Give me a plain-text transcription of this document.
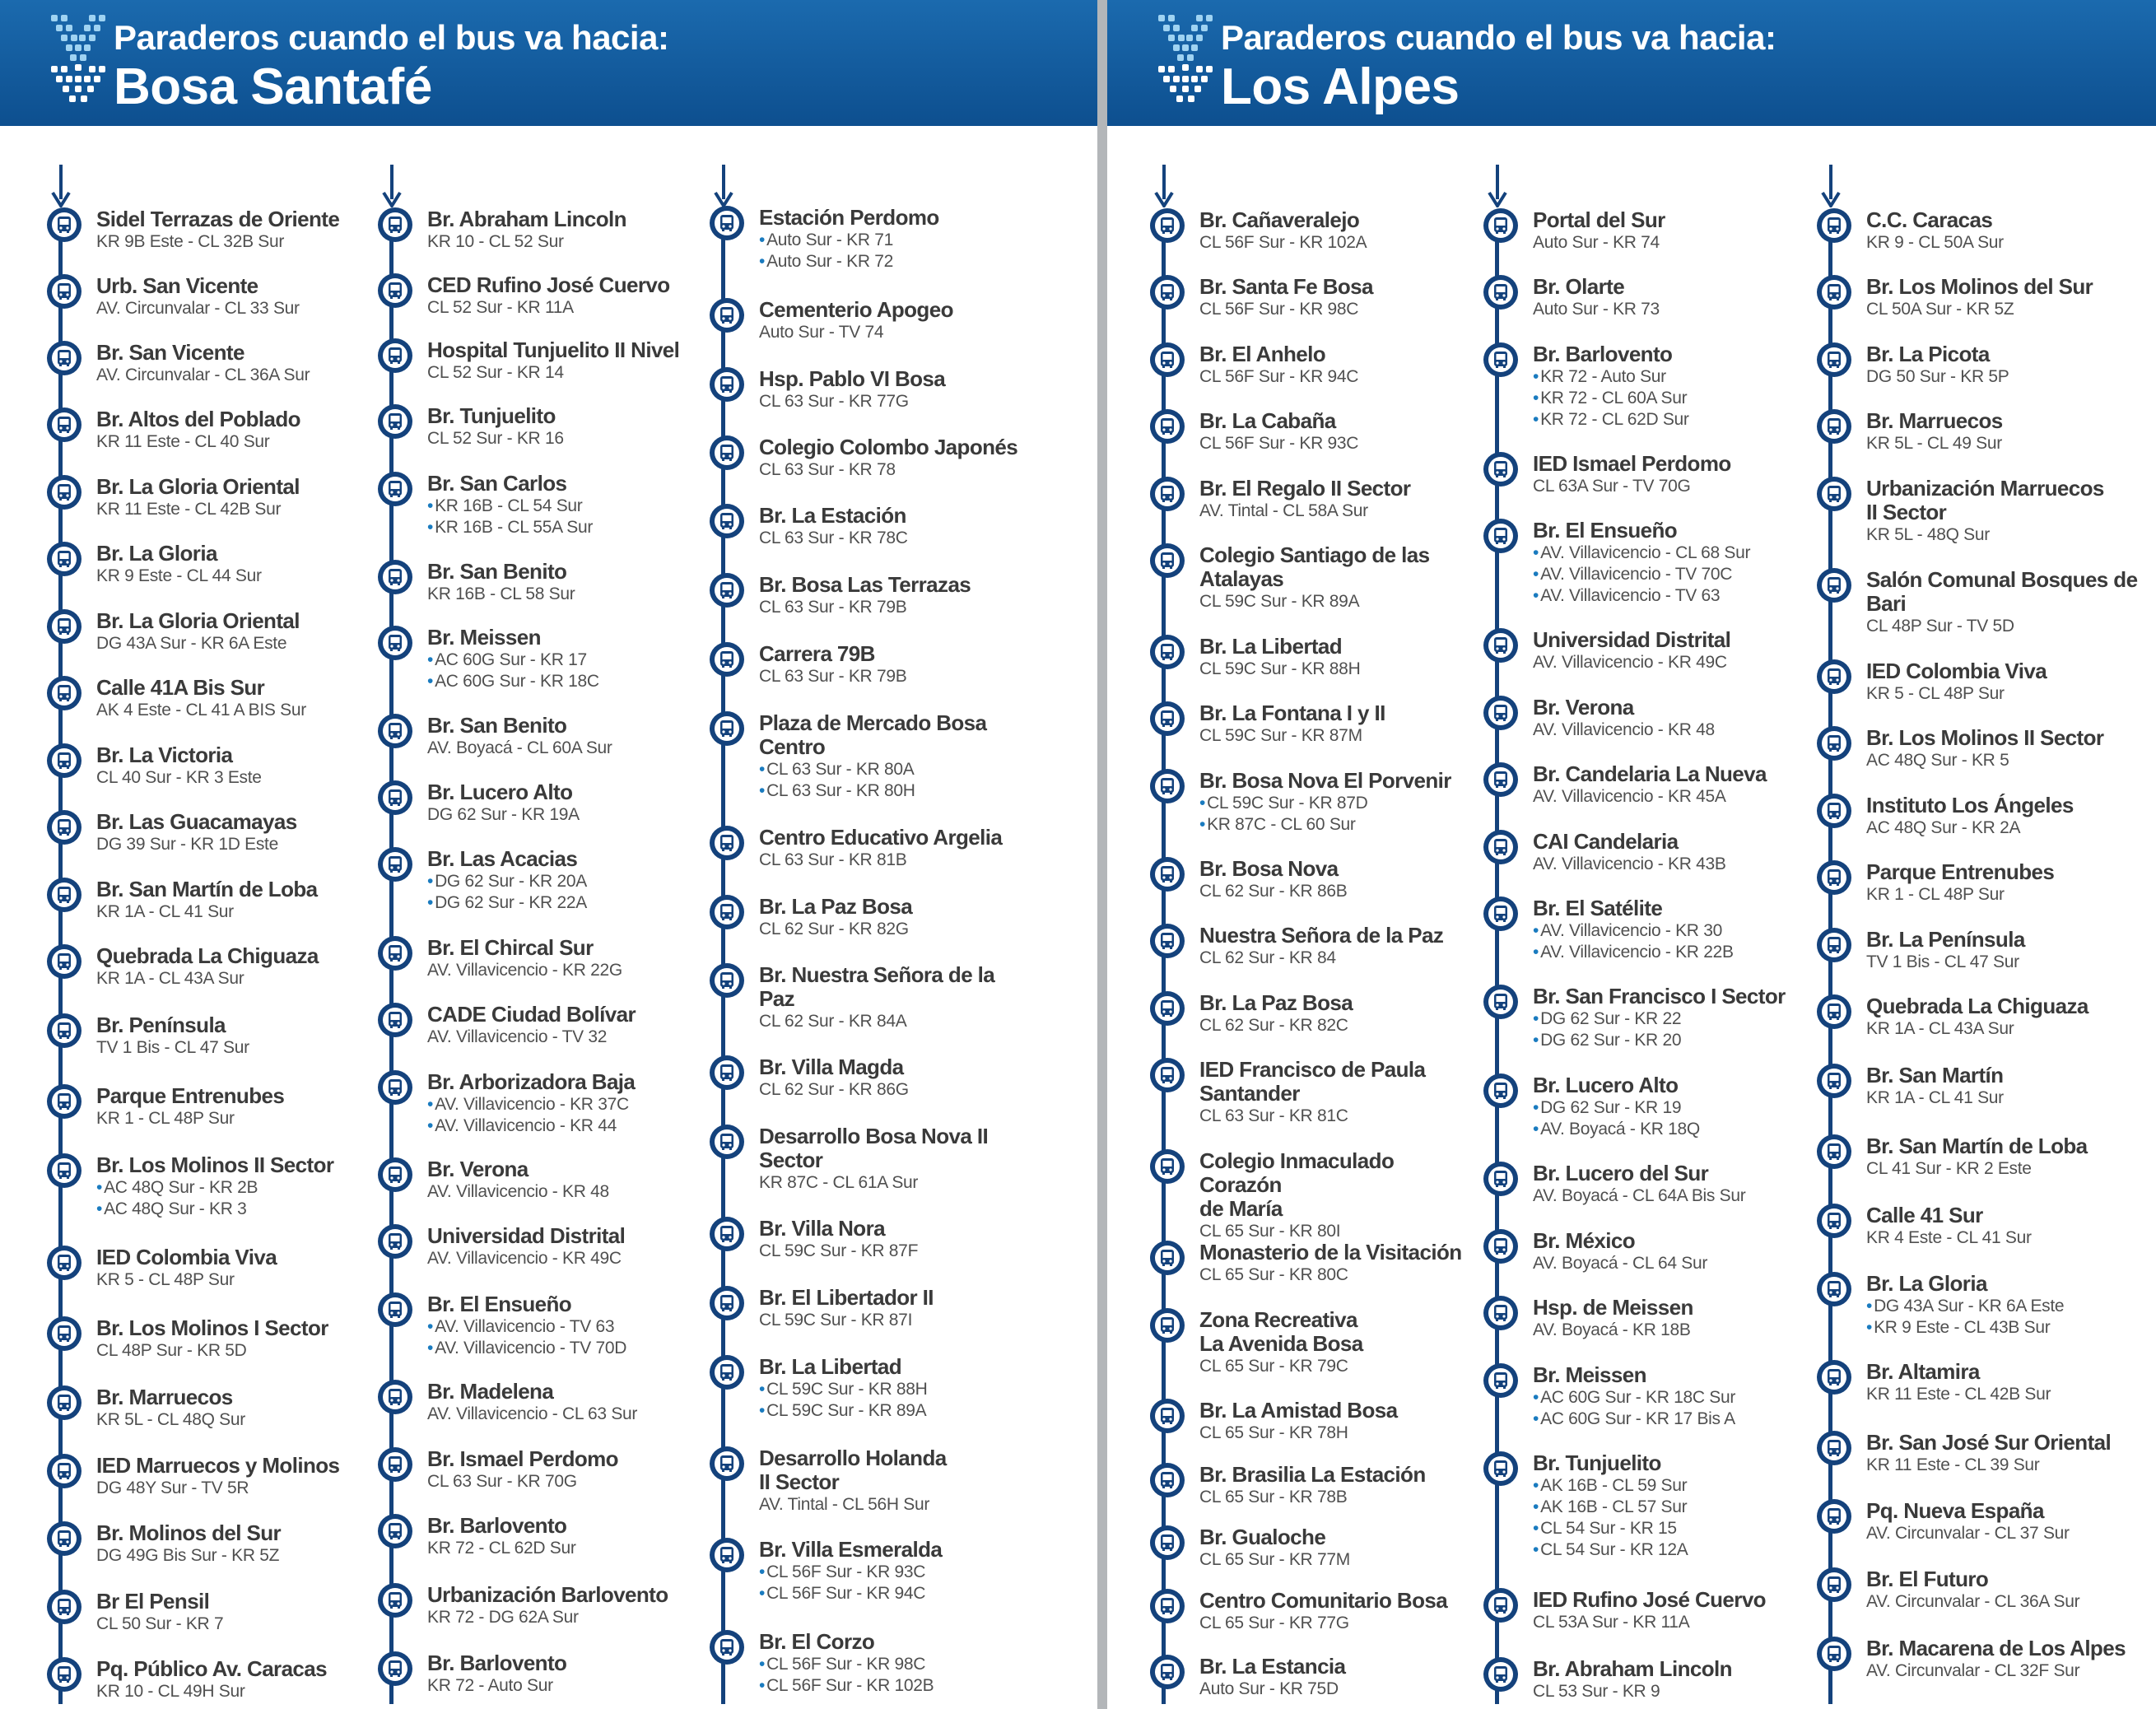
Paraderos cuando el bus va hacia:
Bosa Santafé
Sidel Terrazas de Oriente
KR 9B Este - CL 32B Sur
Urb. San Vicente
AV. Circunvalar - CL 33 Sur
Br. San Vicente
AV. Circunvalar - CL 36A Sur
Br. Altos del Poblado
KR 11 Este - CL 40 Sur
Br. La Gloria Oriental
KR 11 Este - CL 42B Sur
Br. La Gloria
KR 9 Este - CL 44 Sur
Br. La Gloria Oriental
DG 43A Sur - KR 6A Este
Calle 41A Bis Sur
AK 4 Este - CL 41 A BIS Sur
Br. La Victoria
CL 40 Sur - KR 3 Este
Br. Las Guacamayas
DG 39 Sur - KR 1D Este
Br. San Martín de Loba
KR 1A - CL 41 Sur
Quebrada La Chiguaza
KR 1A - CL 43A Sur
Br. Península
TV 1 Bis - CL 47 Sur
Parque Entrenubes
KR 1 - CL 48P Sur
Br. Los Molinos II Sector
• AC 48Q Sur - KR 2B
• AC 48Q Sur - KR 3
IED Colombia Viva
KR 5 - CL 48P Sur
Br. Los Molinos I Sector
CL 48P Sur - KR 5D
Br. Marruecos
KR 5L - CL 48Q Sur
IED Marruecos y Molinos
DG 48Y Sur - TV 5R
Br. Molinos del Sur
DG 49G Bis Sur - KR 5Z
Br El Pensil
CL 50 Sur - KR 7
Pq. Público Av. Caracas
KR 10 - CL 49H Sur
Br. Abraham Lincoln
KR 10 - CL 52 Sur
CED Rufino José Cuervo
CL 52 Sur - KR 11A
Hospital Tunjuelito II Nivel
CL 52 Sur - KR 14
Br. Tunjuelito
CL 52 Sur - KR 16
Br. San Carlos
• KR 16B - CL 54 Sur
• KR 16B - CL 55A Sur
Br. San Benito
KR 16B - CL 58 Sur
Br. Meissen
• AC 60G Sur - KR 17
• AC 60G Sur - KR 18C
Br. San Benito
AV. Boyacá - CL 60A Sur
Br. Lucero Alto
DG 62 Sur - KR 19A
Br. Las Acacias
• DG 62 Sur - KR 20A
• DG 62 Sur - KR 22A
Br. El Chircal Sur
AV. Villavicencio - KR 22G
CADE Ciudad Bolívar
AV. Villavicencio - TV 32
Br. Arborizadora Baja
• AV. Villavicencio - KR 37C
• AV. Villavicencio - KR 44
Br. Verona
AV. Villavicencio - KR 48
Universidad Distrital
AV. Villavicencio - KR 49C
Br. El Ensueño
• AV. Villavicencio - TV 63
• AV. Villavicencio - TV 70D
Br. Madelena
AV. Villavicencio - CL 63 Sur
Br. Ismael Perdomo
CL 63 Sur - KR 70G
Br. Barlovento
KR 72 - CL 62D Sur
Urbanización Barlovento
KR 72 - DG 62A Sur
Br. Barlovento
KR 72 - Auto Sur
Estación Perdomo
• Auto Sur - KR 71
• Auto Sur - KR 72
Cementerio Apogeo
Auto Sur - TV 74
Hsp. Pablo VI Bosa
CL 63 Sur - KR 77G
Colegio Colombo Japonés
CL 63 Sur - KR 78
Br. La Estación
CL 63 Sur - KR 78C
Br. Bosa Las Terrazas
CL 63 Sur - KR 79B
Carrera 79B
CL 63 Sur - KR 79B
Plaza de Mercado Bosa
Centro
• CL 63 Sur - KR 80A
• CL 63 Sur - KR 80H
Centro Educativo Argelia
CL 63 Sur - KR 81B
Br. La Paz Bosa
CL 62 Sur - KR 82G
Br. Nuestra Señora de la
Paz
CL 62 Sur - KR 84A
Br. Villa Magda
CL 62 Sur - KR 86G
Desarrollo Bosa Nova II
Sector
KR 87C - CL 61A Sur
Br. Villa Nora
CL 59C Sur - KR 87F
Br. El Libertador II
CL 59C Sur - KR 87I
Br. La Libertad
• CL 59C Sur - KR 88H
• CL 59C Sur - KR 89A
Desarrollo Holanda
II Sector
AV. Tintal - CL 56H Sur
Br. Villa Esmeralda
• CL 56F Sur - KR 93C
• CL 56F Sur - KR 94C
Br. El Corzo
• CL 56F Sur - KR 98C
• CL 56F Sur - KR 102B
Paraderos cuando el bus va hacia:
Los Alpes
Br. Cañaveralejo
CL 56F Sur - KR 102A
Br. Santa Fe Bosa
CL 56F Sur - KR 98C
Br. El Anhelo
CL 56F Sur - KR 94C
Br. La Cabaña
CL 56F Sur - KR 93C
Br. El Regalo II Sector
AV. Tintal - CL 58A Sur
Colegio Santiago de las
Atalayas
CL 59C Sur - KR 89A
Br. La Libertad
CL 59C Sur - KR 88H
Br. La Fontana I y II
CL 59C Sur - KR 87M
Br. Bosa Nova El Porvenir
• CL 59C Sur - KR 87D
• KR 87C - CL 60 Sur
Br. Bosa Nova
CL 62 Sur - KR 86B
Nuestra Señora de la Paz
CL 62 Sur - KR 84
Br. La Paz Bosa
CL 62 Sur - KR 82C
IED Francisco de Paula
Santander
CL 63 Sur - KR 81C
Colegio Inmaculado Corazón
de María
CL 65 Sur - KR 80I
Monasterio de la Visitación
CL 65 Sur - KR 80C
Zona Recreativa
La Avenida Bosa
CL 65 Sur - KR 79C
Br. La Amistad Bosa
CL 65 Sur - KR 78H
Br. Brasilia La Estación
CL 65 Sur - KR 78B
Br. Gualoche
CL 65 Sur - KR 77M
Centro Comunitario Bosa
CL 65 Sur - KR 77G
Br. La Estancia
Auto Sur - KR 75D
Portal del Sur
Auto Sur - KR 74
Br. Olarte
Auto Sur - KR 73
Br. Barlovento
• KR 72 - Auto Sur
• KR 72 - CL 60A Sur
• KR 72 - CL 62D Sur
IED Ismael Perdomo
CL 63A Sur - TV 70G
Br. El Ensueño
• AV. Villavicencio - CL 68 Sur
• AV. Villavicencio - TV 70C
• AV. Villavicencio - TV 63
Universidad Distrital
AV. Villavicencio - KR 49C
Br. Verona
AV. Villavicencio - KR 48
Br. Candelaria La Nueva
AV. Villavicencio - KR 45A
CAI Candelaria
AV. Villavicencio - KR 43B
Br. El Satélite
• AV. Villavicencio - KR 30
• AV. Villavicencio - KR 22B
Br. San Francisco I Sector
• DG 62 Sur - KR 22
• DG 62 Sur - KR 20
Br. Lucero Alto
• DG 62 Sur - KR 19
• AV. Boyacá - KR 18Q
Br. Lucero del Sur
AV. Boyacá - CL 64A Bis Sur
Br. México
AV. Boyacá - CL 64 Sur
Hsp. de Meissen
AV. Boyacá - KR 18B
Br. Meissen
• AC 60G Sur - KR 18C Sur
• AC 60G Sur - KR 17 Bis A
Br. Tunjuelito
• AK 16B - CL 59 Sur
• AK 16B - CL 57 Sur
• CL 54 Sur - KR 15
• CL 54 Sur - KR 12A
IED Rufino José Cuervo
CL 53A Sur - KR 11A
Br. Abraham Lincoln
CL 53 Sur - KR 9
C.C. Caracas
KR 9 - CL 50A Sur
Br. Los Molinos del Sur
CL 50A Sur - KR 5Z
Br. La Picota
DG 50 Sur - KR 5P
Br. Marruecos
KR 5L - CL 49 Sur
Urbanización Marruecos
II Sector
KR 5L - 48Q Sur
Salón Comunal Bosques de
Bari
CL 48P Sur - TV 5D
IED Colombia Viva
KR 5 - CL 48P Sur
Br. Los Molinos II Sector
AC 48Q Sur - KR 5
Instituto Los Ángeles
AC 48Q Sur - KR 2A
Parque Entrenubes
KR 1 - CL 48P Sur
Br. La Península
TV 1 Bis - CL 47 Sur
Quebrada La Chiguaza
KR 1A - CL 43A Sur
Br. San Martín
KR 1A - CL 41 Sur
Br. San Martín de Loba
CL 41 Sur - KR 2 Este
Calle 41 Sur
KR 4 Este - CL 41 Sur
Br. La Gloria
• DG 43A Sur - KR 6A Este
• KR 9 Este - CL 43B Sur
Br. Altamira
KR 11 Este - CL 42B Sur
Br. San José Sur Oriental
KR 11 Este - CL 39 Sur
Pq. Nueva España
AV. Circunvalar - CL 37 Sur
Br. El Futuro
AV. Circunvalar - CL 36A Sur
Br. Macarena de Los Alpes
AV. Circunvalar - CL 32F Sur
